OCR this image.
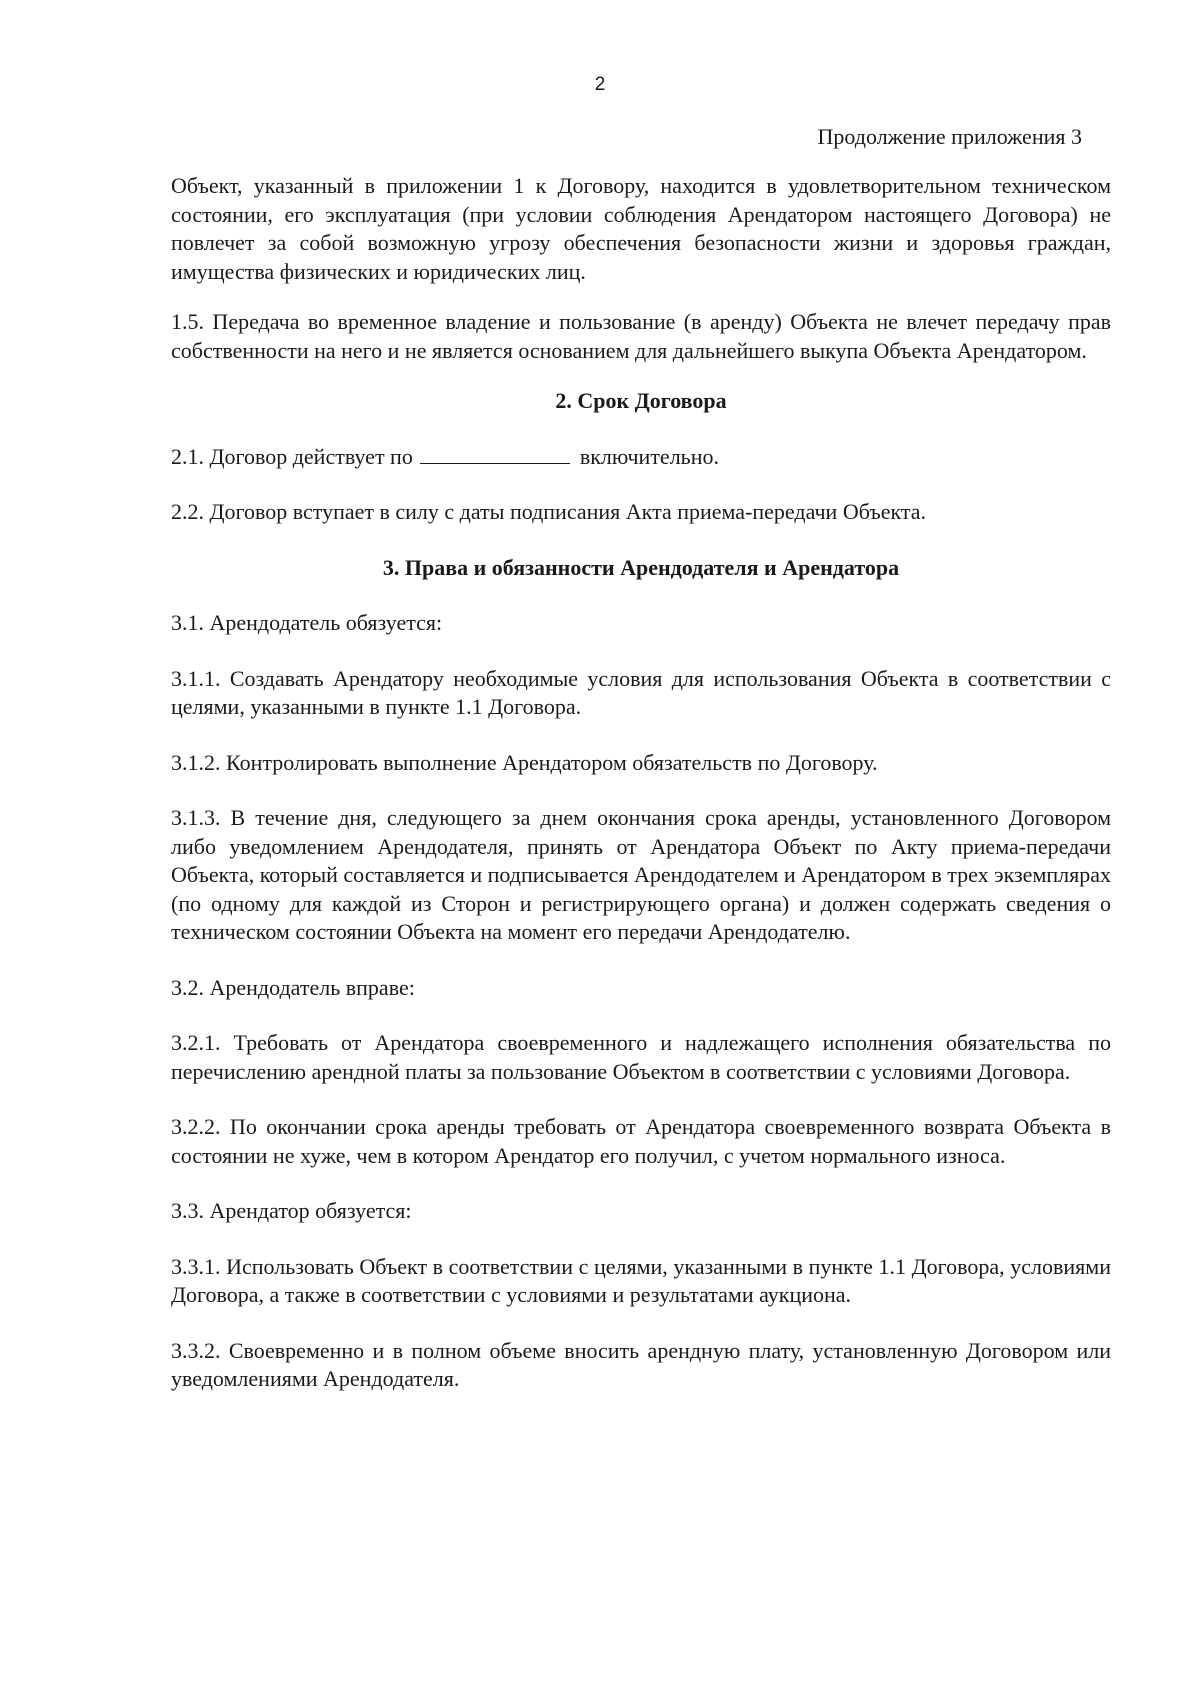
2
Продолжение приложения 3

Объект, указанный в приложении 1 к Договору, находится в удовлетворительном техническом состоянии, его эксплуатация (при условии соблюдения Арендатором настоящего Договора) не повлечет за собой возможную угрозу обеспечения безопасности жизни и здоровья граждан, имущества физических и юридических лиц.

1.5. Передача во временное владение и пользование (в аренду) Объекта не влечет передачу прав собственности на него и не является основанием для дальнейшего выкупа Объекта Арендатором.

2. Срок Договора

2.1. Договор действует по	включительно.

2.2. Договор вступает в силу с даты подписания Акта приема-передачи Объекта.

3. Права и обязанности Арендодателя и Арендатора

3.1. Арендодатель обязуется:

3.1.1. Создавать Арендатору необходимые условия для использования Объекта в соответствии с целями, указанными в пункте 1.1 Договора.

3.1.2. Контролировать выполнение Арендатором обязательств по Договору.

3.1.3. В течение дня, следующего за днем окончания срока аренды, установленного Договором либо уведомлением Арендодателя, принять от Арендатора Объект по Акту приема-передачи Объекта, который составляется и подписывается Арендодателем и Арендатором в трех экземплярах (по одному для каждой из Сторон и регистрирующего органа) и должен содержать сведения о техническом состоянии Объекта на момент его передачи Арендодателю.

3.2. Арендодатель вправе:

3.2.1. Требовать от Арендатора своевременного и надлежащего исполнения обязательства по перечислению арендной платы за пользование Объектом в соответствии с условиями Договора.

3.2.2. По окончании срока аренды требовать от Арендатора своевременного возврата Объекта в состоянии не хуже, чем в котором Арендатор его получил, с учетом нормального износа.

3.3. Арендатор обязуется:

3.3.1. Использовать Объект в соответствии с целями, указанными в пункте 1.1 Договора, условиями Договора, а также в соответствии с условиями и результатами аукциона.

3.3.2. Своевременно и в полном объеме вносить арендную плату, установленную Договором или уведомлениями Арендодателя.
